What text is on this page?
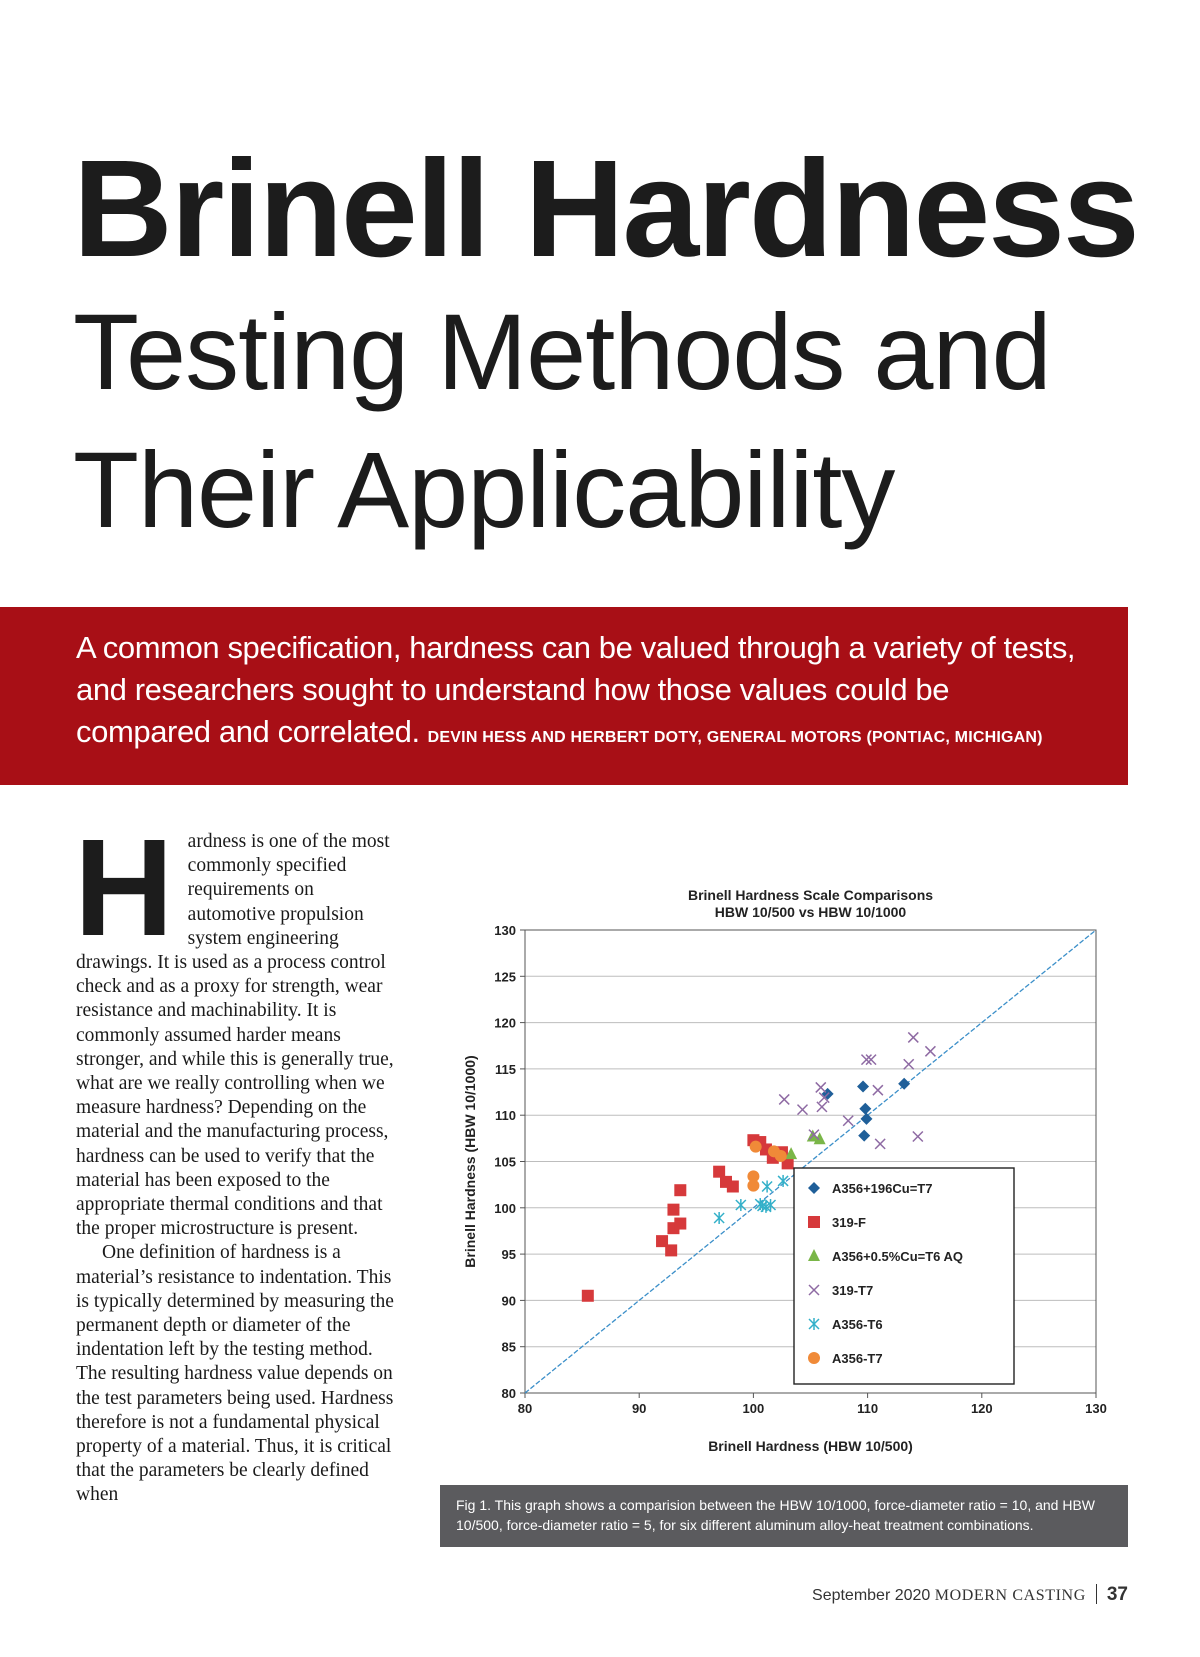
Brinell Hardness
Testing Methods and
Their Applicability

A common specification, hardness can be valued through a variety of tests, and researchers sought to understand how those values could be compared and correlated. DEVIN HESS AND HERBERT DOTY, GENERAL MOTORS (PONTIAC, MICHIGAN)

H ardness is one of the most commonly specified requirements on automotive propulsion system engineering drawings. It is used as a process control check and as a proxy for strength, wear resistance and machinability. It is commonly assumed harder means stronger, and while this is generally true, what are we really controlling when we measure hardness? Depending on the material and the manufacturing process, hardness can be used to verify that the material has been exposed to the appropriate thermal conditions and that the proper microstructure is present.

One definition of hardness is a material’s resistance to indentation. This is typically determined by measuring the permanent depth or diameter of the indentation left by the testing method. The resulting hardness value depends on the test parameters being used. Hardness therefore is not a fundamental physical property of a material. Thus, it is critical that the parameters be clearly defined when

Brinell Hardness Scale Comparisons
HBW 10/500 vs HBW 10/1000
80
85
90
95
100
105
110
115
120
125
130
80	90	100	110	120	130
Brinell Hardness (HBW 10/500)
Brinell Hardness (HBW 10/1000)	A356+196Cu=T7
319-F
A356+0.5%Cu=T6 AQ
319-T7
A356-T6
A356-T7
Fig 1. This graph shows a comparision between the HBW 10/1000, force-diameter ratio = 10, and HBW 10/500, force-diameter ratio = 5, for six different aluminum alloy-heat treatment combinations.
September 2020 MODERN CASTING 37
